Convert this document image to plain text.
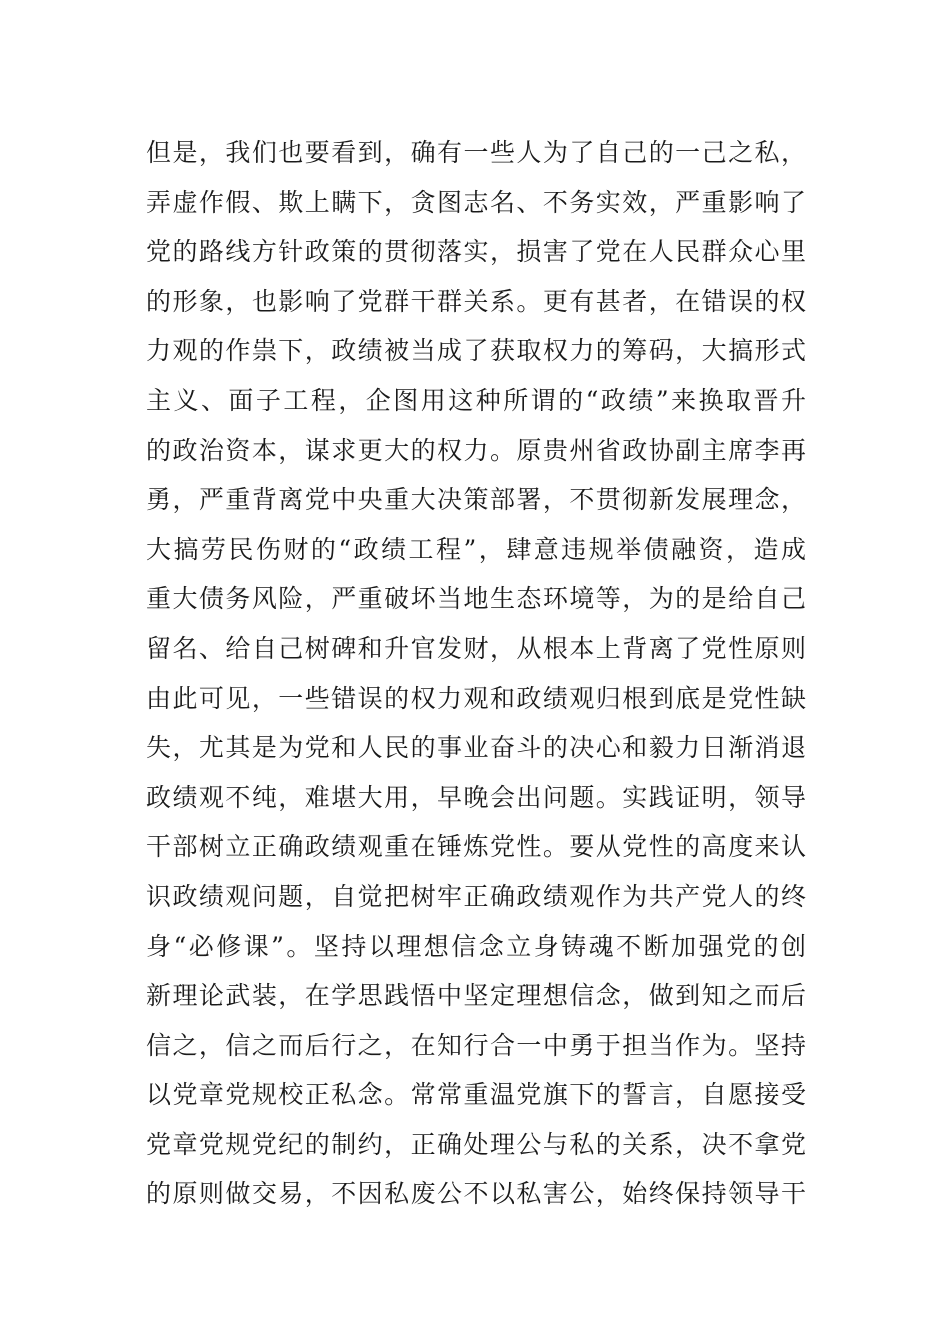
但是，我们也要看到，确有一些人为了自己的一己之私，
弄虚作假、欺上瞒下，贪图志名、不务实效，严重影响了
党的路线方针政策的贯彻落实，损害了党在人民群众心里
的形象，也影响了党群干群关系。更有甚者，在错误的权
力观的作祟下，政绩被当成了获取权力的筹码，大搞形式
主义、面子工程，企图用这种所谓的“政绩”来换取晋升
的政治资本，谋求更大的权力。原贵州省政协副主席李再
勇，严重背离党中央重大决策部署，不贯彻新发展理念，
大搞劳民伤财的“政绩工程”，肆意违规举债融资，造成
重大债务风险，严重破坏当地生态环境等，为的是给自己
留名、给自己树碑和升官发财，从根本上背离了党性原则
由此可见，一些错误的权力观和政绩观归根到底是党性缺
失，尤其是为党和人民的事业奋斗的决心和毅力日渐消退
政绩观不纯，难堪大用，早晚会出问题。实践证明，领导
干部树立正确政绩观重在锤炼党性。要从党性的高度来认
识政绩观问题，自觉把树牢正确政绩观作为共产党人的终
身“必修课”。坚持以理想信念立身铸魂不断加强党的创
新理论武装，在学思践悟中坚定理想信念，做到知之而后
信之，信之而后行之，在知行合一中勇于担当作为。坚持
以党章党规校正私念。常常重温党旗下的誓言，自愿接受
党章党规党纪的制约，正确处理公与私的关系，决不拿党
的原则做交易，不因私废公不以私害公，始终保持领导干
